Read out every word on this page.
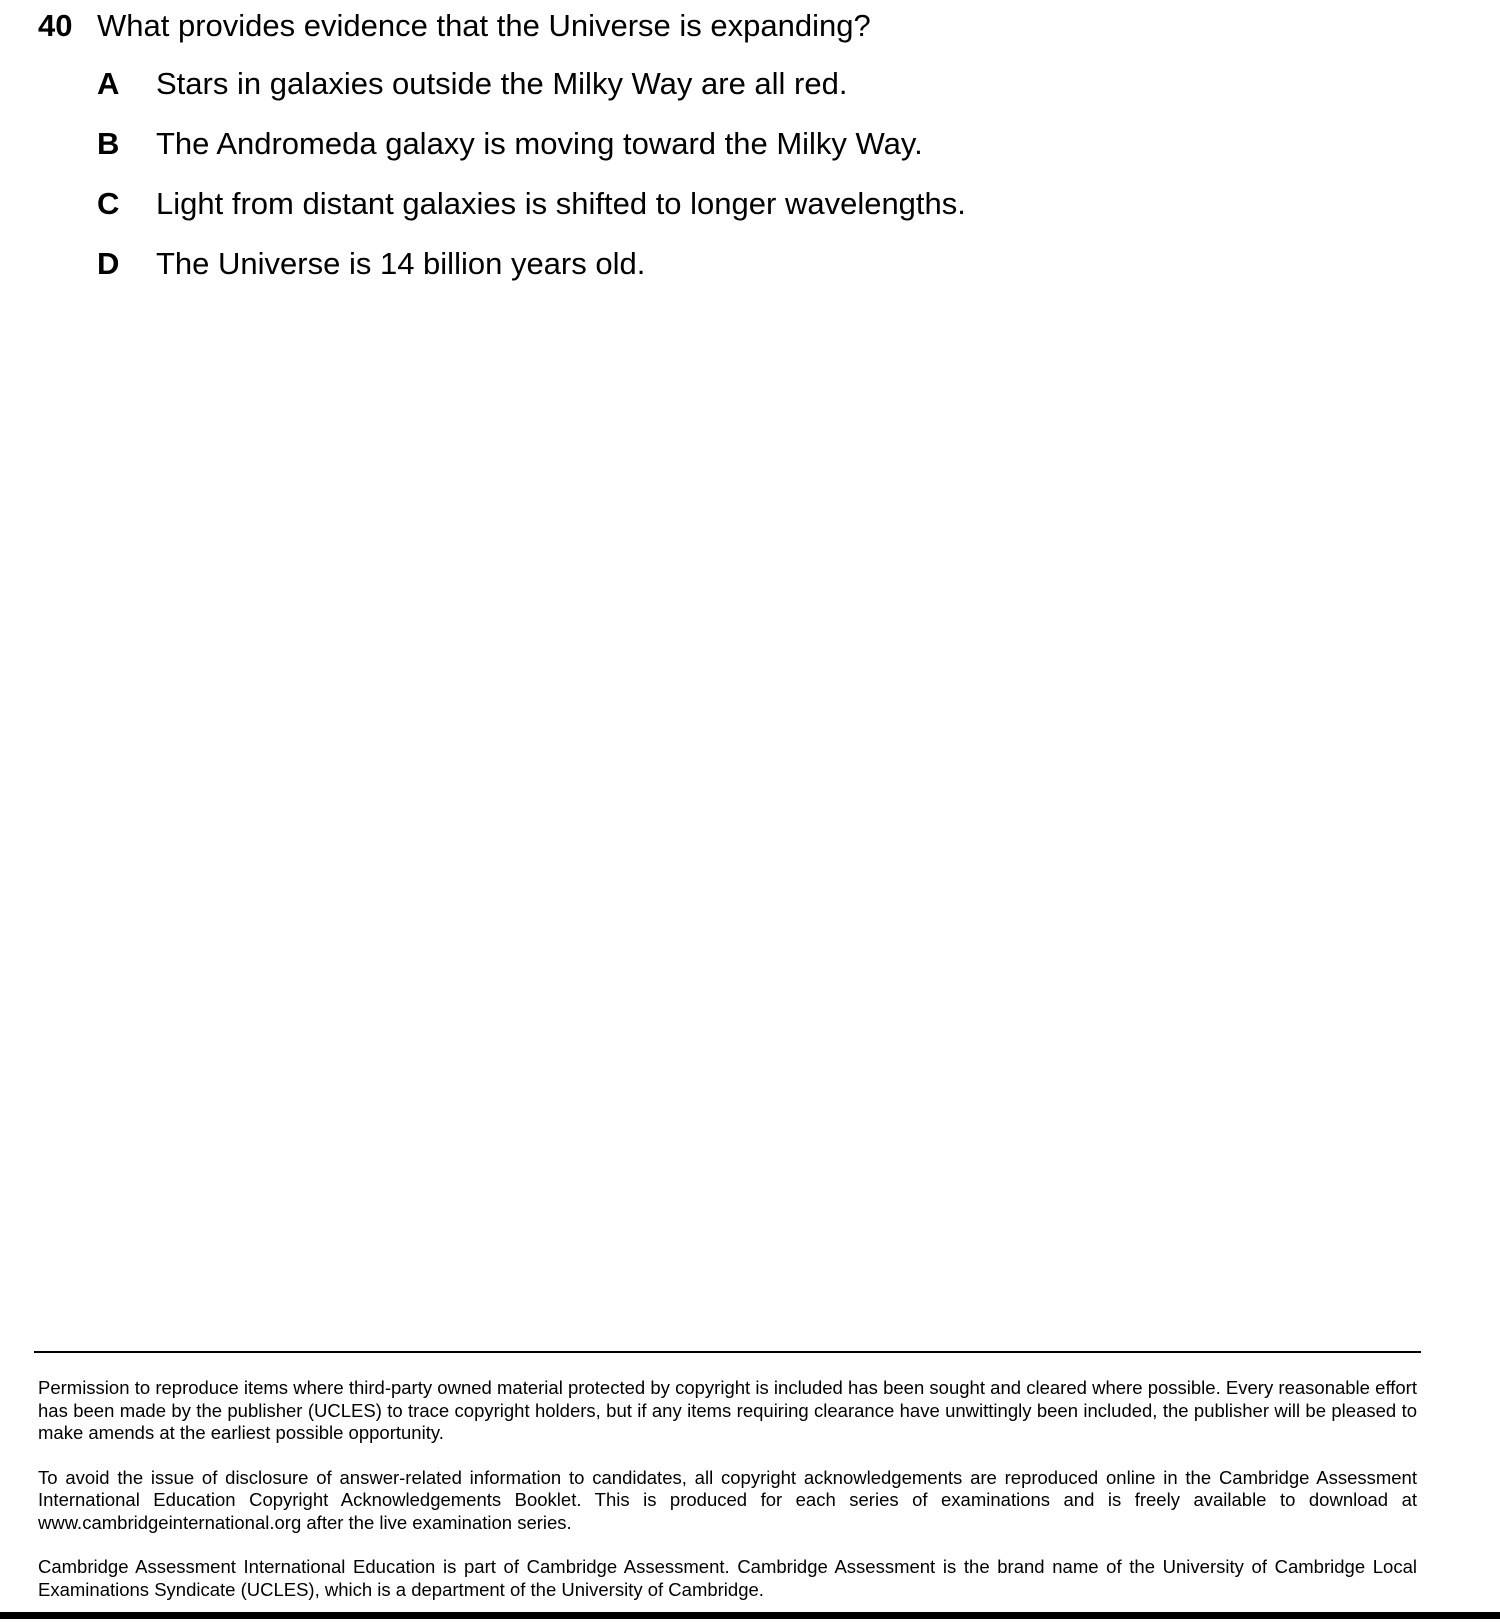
40 What provides evidence that the Universe is expanding?
A	Stars in galaxies outside the Milky Way are all red.
B	The Andromeda galaxy is moving toward the Milky Way.
C	Light from distant galaxies is shifted to longer wavelengths.
D	The Universe is 14 billion years old.

Permission to reproduce items where third-party owned material protected by copyright is included has been sought and cleared where possible. Every reasonable effort has been made by the publisher (UCLES) to trace copyright holders, but if any items requiring clearance have unwittingly been included, the publisher will be pleased to make amends at the earliest possible opportunity.

To avoid the issue of disclosure of answer-related information to candidates, all copyright acknowledgements are reproduced online in the Cambridge Assessment International Education Copyright Acknowledgements Booklet. This is produced for each series of examinations and is freely available to download at www.cambridgeinternational.org after the live examination series.

Cambridge Assessment International Education is part of Cambridge Assessment. Cambridge Assessment is the brand name of the University of Cambridge Local Examinations Syndicate (UCLES), which is a department of the University of Cambridge.
